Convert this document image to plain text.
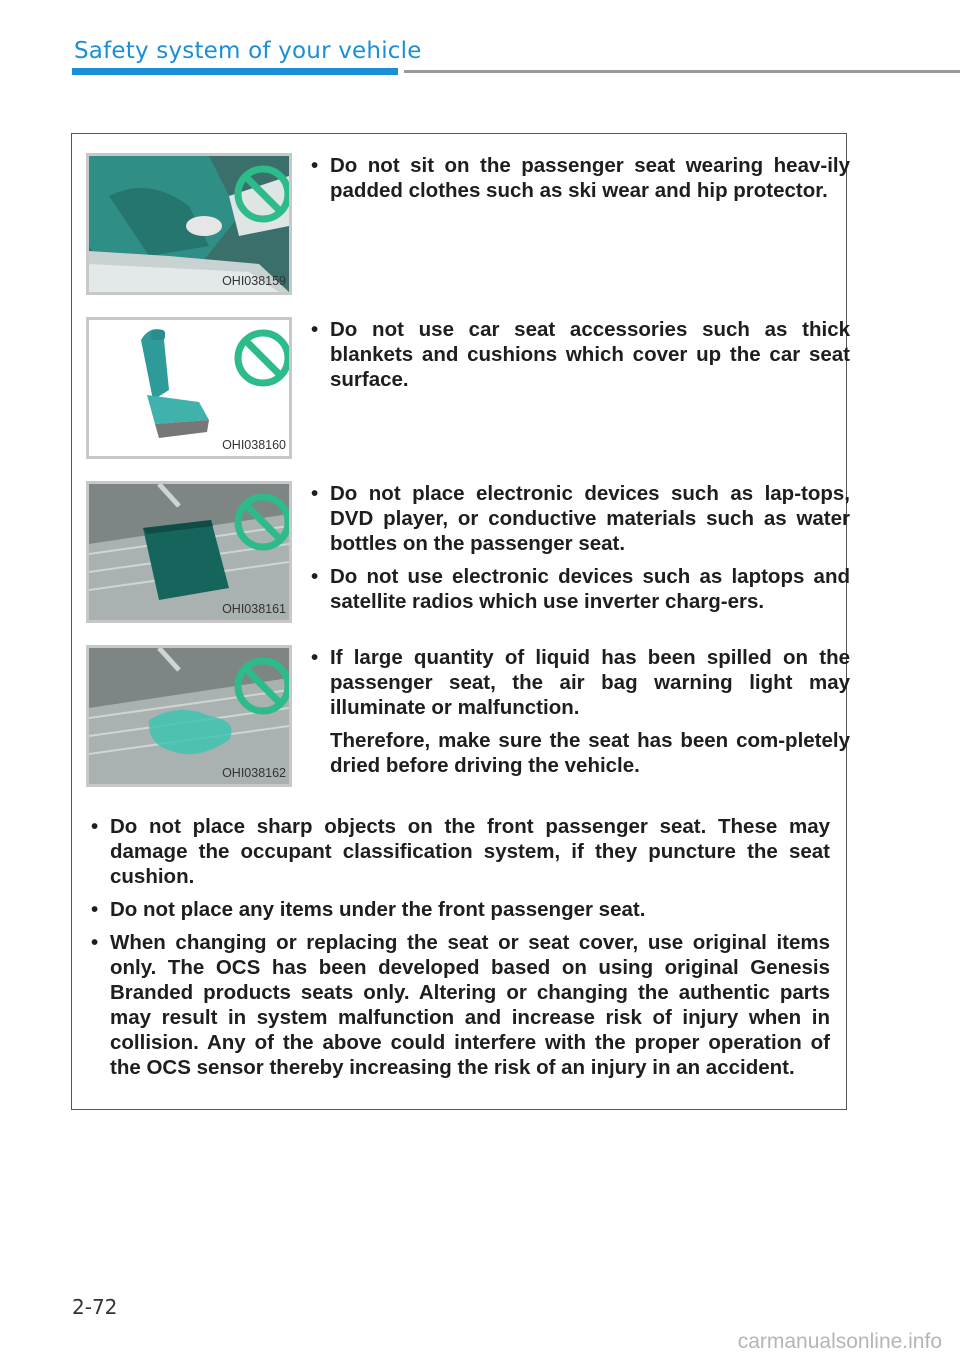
Safety system of your vehicle
OHI038159
• Do not sit on the passenger seat wearing heav-ily padded clothes such as ski wear and hip protector.
OHI038160
• Do not use car seat accessories such as thick blankets and cushions which cover up the car seat surface.
OHI038161
• Do not place electronic devices such as lap-tops, DVD player, or conductive materials such as water bottles on the passenger seat.
• Do not use electronic devices such as laptops and satellite radios which use inverter charg-ers.
OHI038162
• If large quantity of liquid has been spilled on the passenger seat, the air bag warning light may illuminate or malfunction.

Therefore, make sure the seat has been com-pletely dried before driving the vehicle.

• Do not place sharp objects on the front passenger seat. These may damage the occupant classification system, if they puncture the seat cushion.
• Do not place any items under the front passenger seat.
• When changing or replacing the seat or seat cover, use original items only. The OCS has been developed based on using original Genesis Branded products seats only. Altering or changing the authentic parts may result in system malfunction and increase risk of injury when in collision. Any of the above could interfere with the proper operation of the OCS sensor thereby increasing the risk of an injury in an accident.
2-72
carmanualsonline.info
